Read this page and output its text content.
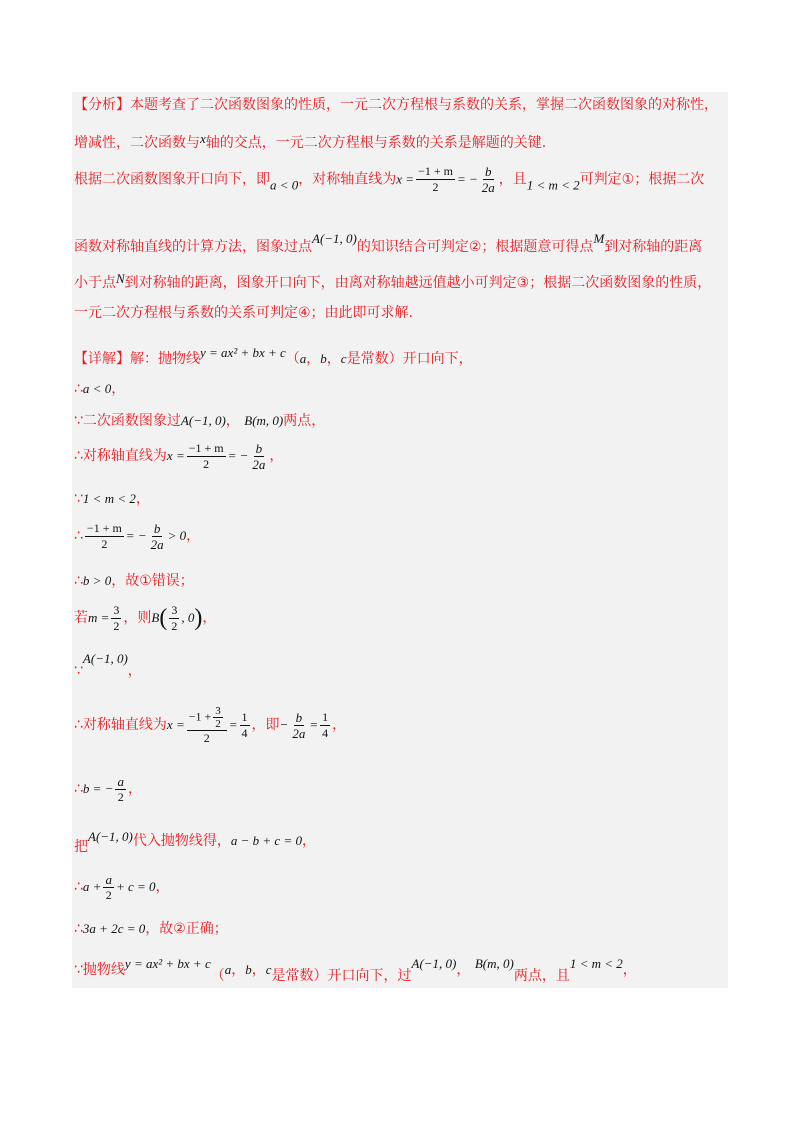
【分析】本题考查了二次函数图象的性质，一元二次方程根与系数的关系，掌握二次函数图象的对称性，
增减性，二次函数与x轴的交点，一元二次方程根与系数的关系是解题的关键.
根据二次函数图象开口向下，即a < 0，对称轴直线为$x = \frac{-1 + m}{2}$ = − $\frac{b}{2a}$ ，且1 < m < 2可判定①；根据二次
函数对称轴直线的计算方法，图象过点A(−1, 0)的知识结合可判定②；根据题意可得点M到对称轴的距离
小于点N到对称轴的距离，图象开口向下，由离对称轴越远值越小可判定③；根据二次函数图象的性质，
一元二次方程根与系数的关系可判定④；由此即可求解.
【详解】解：抛物线y = ax² + bx + c（a，b，c是常数）开口向下，
∴a < 0，
∵二次函数图象过A(−1, 0)， B(m, 0)两点，
∴对称轴直线为$x = \frac{-1 + m}{2}$ = − $\frac{b}{2a}$ ，
∵1 < m < 2，
∴ $\frac{-1 + m}{2}$ = − $\frac{b}{2a} > 0$，
∴b > 0，故①错误；
若$m = \frac{3}{2}$ ，则$B( \frac{3}{2}$ , 0)，
∵A(−1, 0)，
∴对称轴直线为$x = \frac{-1 + \frac{3}{2}}{2} = \frac{1}{4}$ ，即− $\frac{b}{2a} = \frac{1}{4}$ ，
∴b = − $\frac{a}{2}$ ，
把A(−1, 0)代入抛物线得，a − b + c = 0，
∴a + $\frac{a}{2} + c = 0$，
∴3a + 2c = 0，故②正确；
∵抛物线y = ax² + bx + c（a，b，c是常数）开口向下，过A(−1, 0)， B(m, 0)两点，且1 < m < 2，
